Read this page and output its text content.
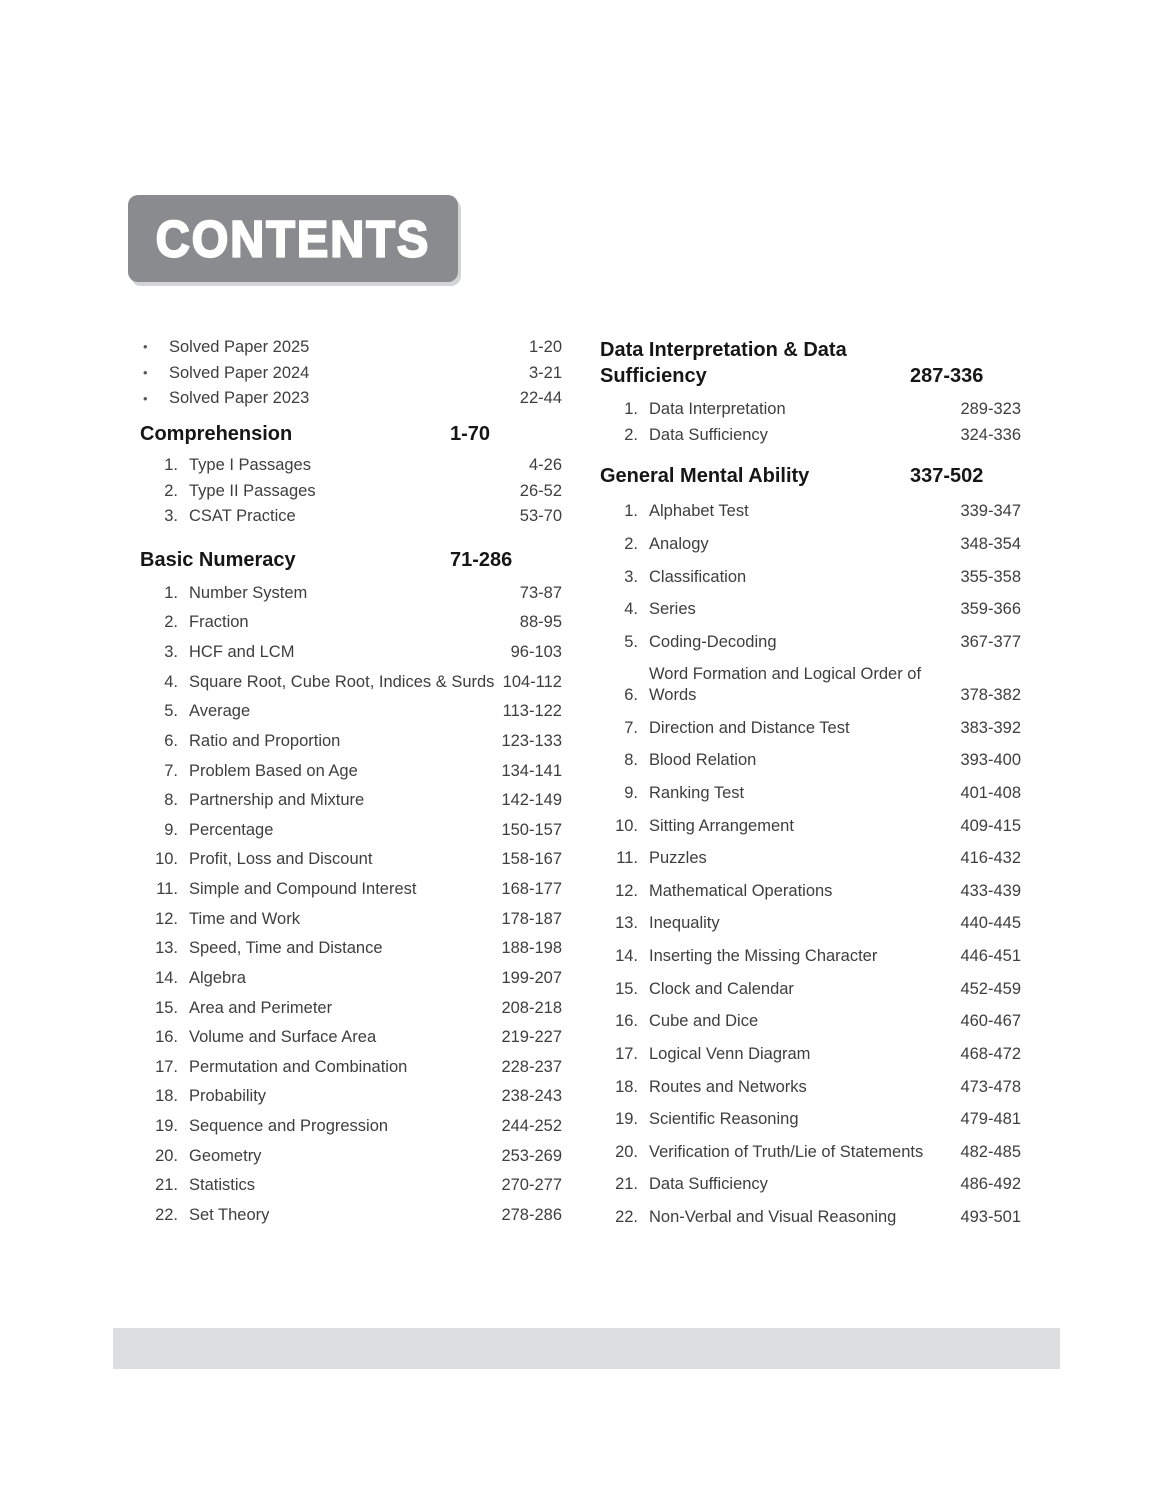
CONTENTS
•	Solved Paper 2025	1-20
•	Solved Paper 2024	3-21
•	Solved Paper 2023	22-44
Comprehension	1-70
1. Type I Passages	4-26
2. Type II Passages	26-52
3. CSAT Practice	53-70
Basic Numeracy	71-286
1. Number System	73-87
2. Fraction	88-95
3. HCF and LCM	96-103
4. Square Root, Cube Root, Indices & Surds 104-112
5. Average	113-122
6. Ratio and Proportion	123-133
7. Problem Based on Age	134-141
8. Partnership and Mixture	142-149
9. Percentage	150-157
10. Profit, Loss and Discount	158-167
11. Simple and Compound Interest	168-177
12. Time and Work	178-187
13. Speed, Time and Distance	188-198
14. Algebra	199-207
15. Area and Perimeter	208-218
16. Volume and Surface Area	219-227
17. Permutation and Combination	228-237
18. Probability	238-243
19. Sequence and Progression	244-252
20. Geometry	253-269
21. Statistics	270-277
22. Set Theory	278-286
Data Interpretation & Data Sufficiency	287-336
1. Data Interpretation	289-323
2. Data Sufficiency	324-336
General Mental Ability	337-502
1. Alphabet Test	339-347
2. Analogy	348-354
3. Classification	355-358
4. Series	359-366
5. Coding-Decoding	367-377
6.
Word Formation and Logical Order of Words	378-382
7. Direction and Distance Test	383-392
8. Blood Relation	393-400
9. Ranking Test	401-408
10. Sitting Arrangement	409-415
11. Puzzles	416-432
12. Mathematical Operations	433-439
13. Inequality	440-445
14. Inserting the Missing Character	446-451
15. Clock and Calendar	452-459
16. Cube and Dice	460-467
17. Logical Venn Diagram	468-472
18. Routes and Networks	473-478
19. Scientific Reasoning	479-481
20. Verification of Truth/Lie of Statements	482-485
21. Data Sufficiency	486-492
22. Non-Verbal and Visual Reasoning	493-501
